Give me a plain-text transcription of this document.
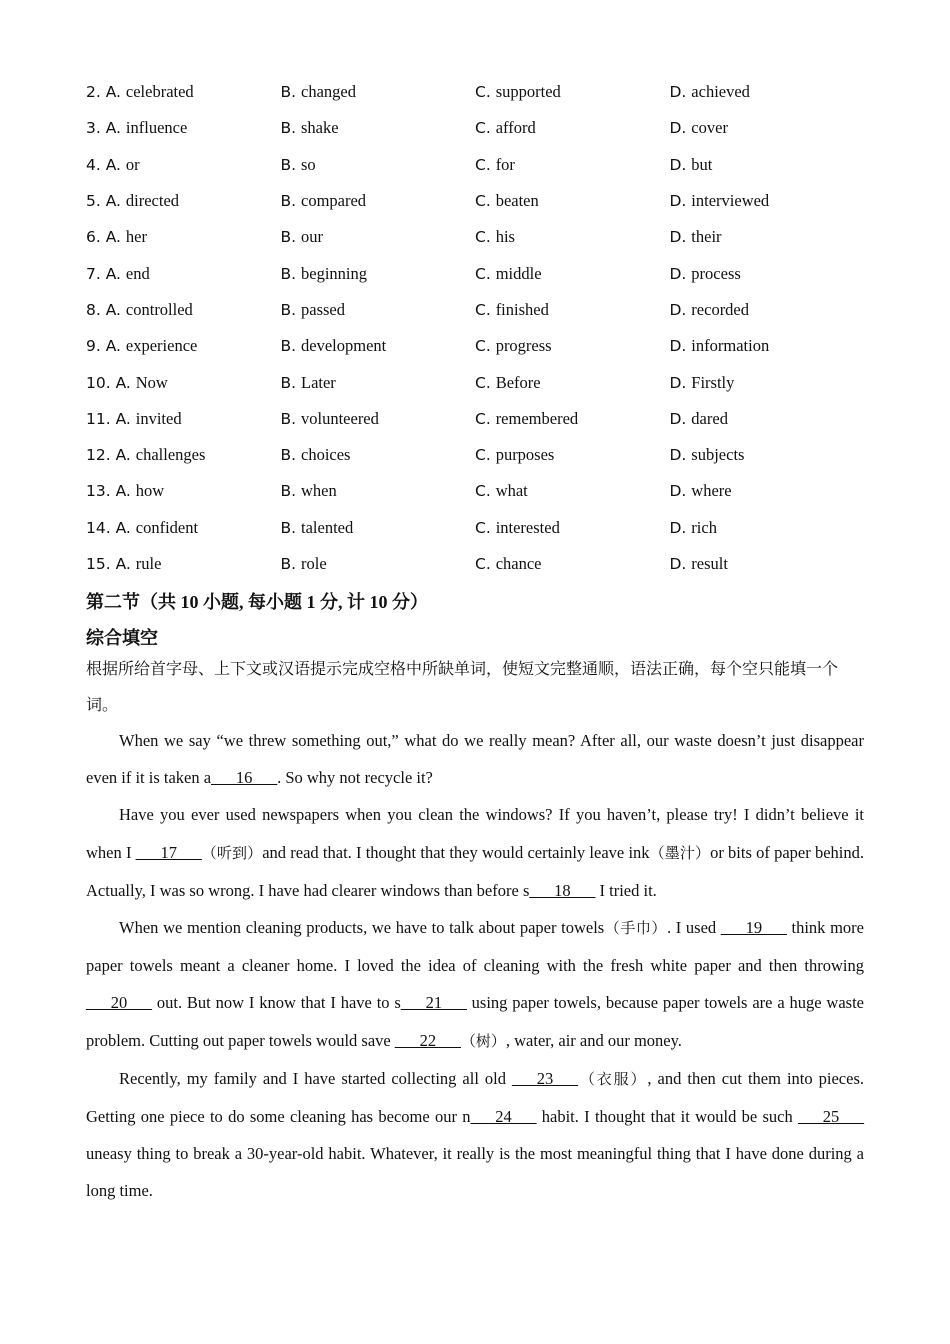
2. A. celebrated	B. changed	C. supported	D. achieved
3. A. influence	B. shake	C. afford	D. cover
4. A. or	B. so	C. for	D. but
5. A. directed	B. compared	C. beaten	D. interviewed
6. A. her	B. our	C. his	D. their
7. A. end	B. beginning	C. middle	D. process
8. A. controlled	B. passed	C. finished	D. recorded
9. A. experience	B. development	C. progress	D. information
10. A. Now	B. Later	C. Before	D. Firstly
11. A. invited	B. volunteered	C. remembered	D. dared
12. A. challenges	B. choices	C. purposes	D. subjects
13. A. how	B. when	C. what	D. where
14. A. confident	B. talented	C. interested	D. rich
15. A. rule	B. role	C. chance	D. result
第二节（共 10 小题, 每小题 1 分, 计 10 分）
综合填空
根据所给首字母、上下文或汉语提示完成空格中所缺单词，使短文完整通顺，语法正确，每个空只能填一个词。

When we say “we threw something out,” what do we really mean? After all, our waste doesn’t just disappear even if it is taken a___16___. So why not recycle it?

Have you ever used newspapers when you clean the windows? If you haven’t, please try! I didn’t believe it when I ___17___（听到）and read that. I thought that they would certainly leave ink（墨汁）or bits of paper behind. Actually, I was so wrong. I have had clearer windows than before s___18___ I tried it.

When we mention cleaning products, we have to talk about paper towels（手巾）. I used ___19___ think more paper towels meant a cleaner home. I loved the idea of cleaning with the fresh white paper and then throwing ___20___ out. But now I know that I have to s___21___ using paper towels, because paper towels are a huge waste problem. Cutting out paper towels would save ___22___（树）, water, air and our money.

Recently, my family and I have started collecting all old ___23___（衣服）, and then cut them into pieces. Getting one piece to do some cleaning has become our n___24___ habit. I thought that it would be such ___25___ uneasy thing to break a 30-year-old habit. Whatever, it really is the most meaningful thing that I have done during a long time.
